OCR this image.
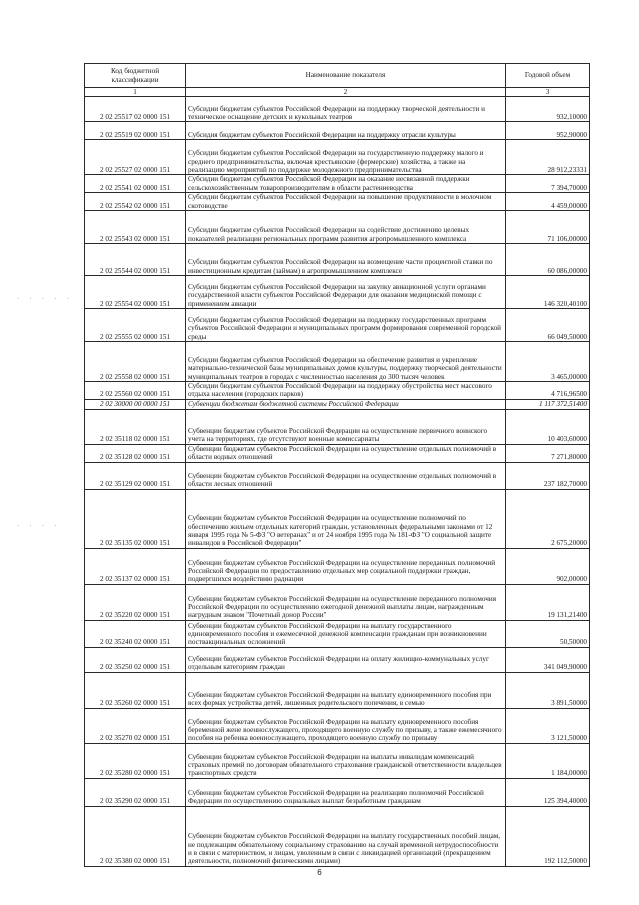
Код бюджетной классификации	Наименование показателя	Годовой объем
1	2	3
2 02 25517 02 0000 151	Субсидии бюджетам субъектов Российской Федерации на поддержку творческой деятельности и техническое оснащение детских и кукольных театров	932,10000
2 02 25519 02 0000 151	Субсидия бюджетам субъектов Российской Федерации на поддержку отрасли культуры	952,90000
2 02 25527 02 0000 151	Субсидии бюджетам субъектов Российской Федерации на государственную поддержку малого и среднего предпринимательства, включая крестьянские (фермерские) хозяйства, а также на реализацию мероприятий по поддержке молодежного предпринимательства	28 912,23331
2 02 25541 02 0000 151	Субсидии бюджетам субъектов Российской Федерации на оказание несвязанной поддержки сельскохозяйственным товаропроизводителям в области растениеводства	7 394,70000
2 02 25542 02 0000 151	Субсидии бюджетам субъектов Российской Федерации на повышение продуктивности в молочном скотоводстве	4 459,00000
2 02 25543 02 0000 151	Субсидии бюджетам субъектов Российской Федерации на содействие достижению целевых показателей реализации региональных программ развития агропромышленного комплекса	71 106,00000
2 02 25544 02 0000 151	Субсидии бюджетам субъектов Российской Федерации на возмещение части процентной ставки по инвестиционным кредитам (займам) в агропромышленном комплексе	60 086,00000
2 02 25554 02 0000 151	Субсидии бюджетам субъектов Российской Федерации на закупку авиационной услуги органами государственной власти субъектов Российской Федерации для оказания медицинской помощи с применением авиации	146 320,40100
2 02 25555 02 0000 151	Субсидии бюджетам субъектов Российской Федерации на поддержку государственных программ субъектов Российской Федерации и муниципальных программ формирования современной городской среды	66 049,50000
2 02 25558 02 0000 151	Субсидии бюджетам субъектов Российской Федерации на обеспечение развития и укрепление материально-технической базы муниципальных домов культуры, поддержку творческой деятельности муниципальных театров в городах с численностью населения до 300 тысяч человек	3 465,00000
2 02 25560 02 0000 151	Субсидии бюджетам субъектов Российской Федерации на поддержку обустройства мест массового отдыха населения (городских парков)	4 716,96500
2 02 30000 00 0000 151	Субвенции бюджетам бюджетной системы Российской Федерации	1 117 372,51400
2 02 35118 02 0000 151	Субвенции бюджетам субъектов Российской Федерации на осуществление первичного воинского учета на территориях, где отсутствуют военные комиссариаты	10 403,60000
2 02 35128 02 0000 151	Субвенции бюджетам субъектов Российской Федерации на осуществление отдельных полномочий в области водных отношений	7 271,80000
2 02 35129 02 0000 151	Субвенции бюджетам субъектов Российской Федерации на осуществление отдельных полномочий в области лесных отношений	237 182,70000
2 02 35135 02 0000 151	Субвенции бюджетам субъектов Российской Федерации на осуществление полномочий по обеспечению жильем отдельных категорий граждан, установленных федеральными законами от 12 января 1995 года № 5-ФЗ "О ветеранах" и от 24 ноября 1995 года № 181-ФЗ "О социальной защите инвалидов в Российской Федерации"	2 675,20000
2 02 35137 02 0000 151	Субвенции бюджетам субъектов Российской Федерации на осуществление переданных полномочий Российской Федерации по предоставлению отдельных мер социальной поддержки граждан, подвергшихся воздействию радиации	902,00000
2 02 35220 02 0000 151	Субвенции бюджетам субъектов Российской Федерации на осуществление переданного полномочия Российской Федерации по осуществлению ежегодной денежной выплаты лицам, награжденным нагрудным знаком "Почетный донор России"	19 131,21400
2 02 35240 02 0000 151	Субвенции бюджетам субъектов Российской Федерации на выплату государственного единовременного пособия и ежемесячной денежной компенсации гражданам при возникновении поствакцинальных осложнений	50,50000
2 02 35250 02 0000 151	Субвенции бюджетам субъектов Российской Федерации на оплату жилищно-коммунальных услуг отдельным категориям граждан	341 049,90000
2 02 35260 02 0000 151	Субвенции бюджетам субъектов Российской Федерации на выплату единовременного пособия при всех формах устройства детей, лишенных родительского попечения, в семью	3 891,50000
2 02 35270 02 0000 151	Субвенции бюджетам субъектов Российской Федерации на выплату единовременного пособия беременной жене военнослужащего, проходящего военную службу по призыву, а также ежемесячного пособия на ребенка военнослужащего, проходящего военную службу по призыву	3 121,50000
2 02 35280 02 0000 151	Субвенции бюджетам субъектов Российской Федерации на выплаты инвалидам компенсаций страховых премий по договорам обязательного страхования гражданской ответственности владельцев транспортных средств	1 184,00000
2 02 35290 02 0000 151	Субвенции бюджетам субъектов Российской Федерации на реализацию полномочий Российской Федерации по осуществлению социальных выплат безработным гражданам	125 394,40000
2 02 35380 02 0000 151	Субвенции бюджетам субъектов Российской Федерации на выплату государственных пособий лицам, не подлежащим обязательному социальному страхованию на случай временной нетрудоспособности и в связи с материнством, и лицам, уволенным в связи с ликвидацией организаций (прекращением деятельности, полномочий физическими лицами)	192 112,50000
6
· · · · ·
· · · ·
